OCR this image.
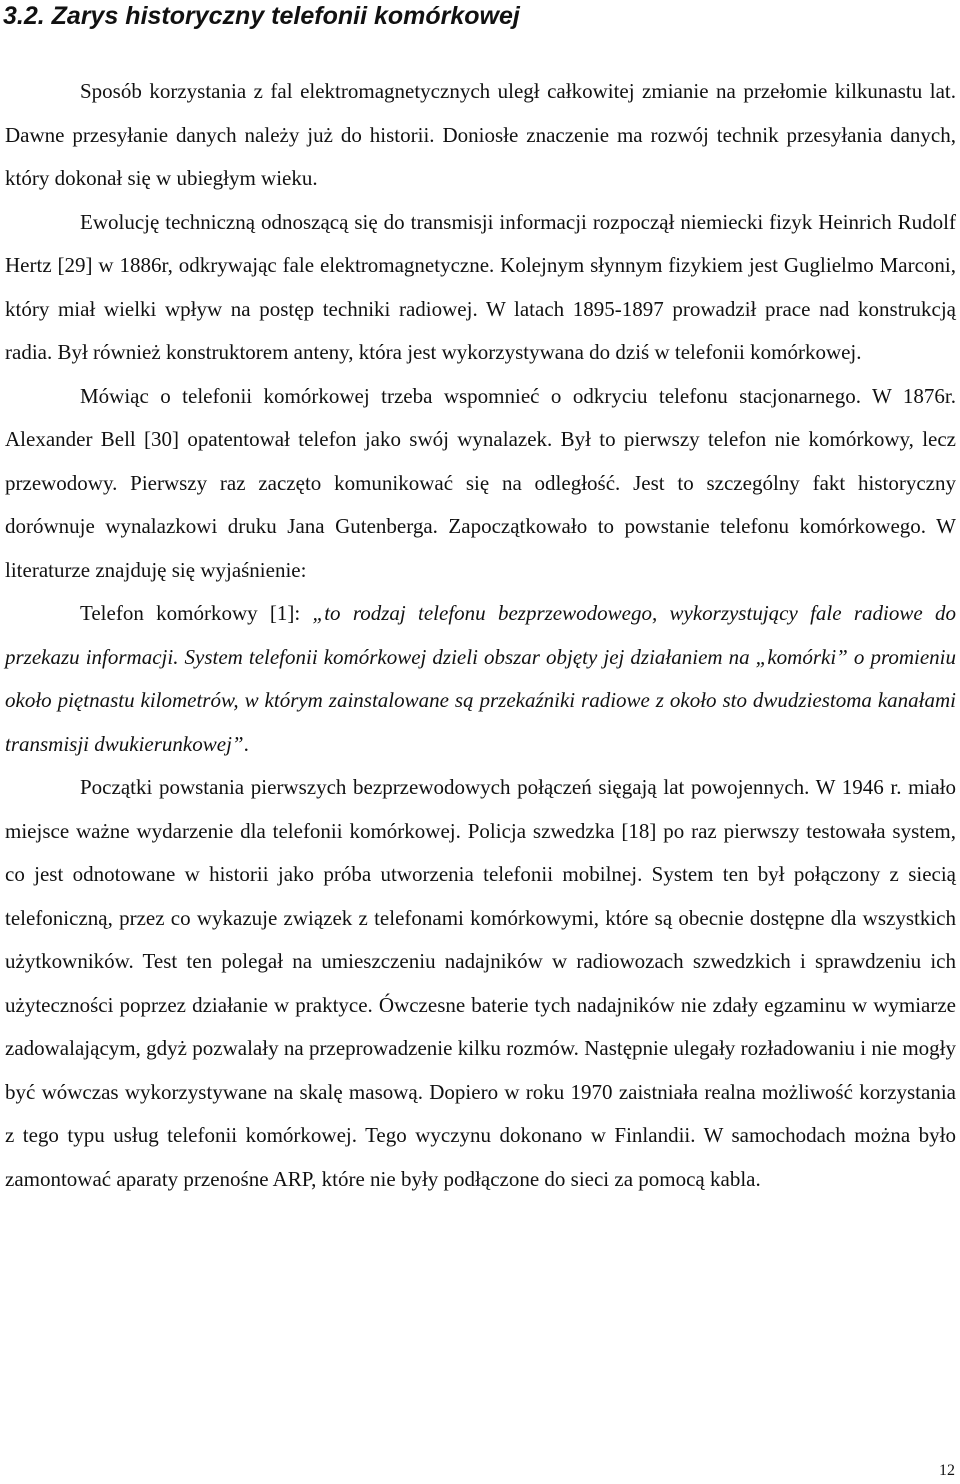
3.2. Zarys historyczny telefonii komórkowej

Sposób korzystania z fal elektromagnetycznych uległ całkowitej zmianie na przełomie kilkunastu lat. Dawne przesyłanie danych należy już do historii. Doniosłe znaczenie ma rozwój technik przesyłania danych, który dokonał się w ubiegłym wieku.

Ewolucję techniczną odnoszącą się do transmisji informacji rozpoczął niemiecki fizyk Heinrich Rudolf Hertz [29] w 1886r, odkrywając fale elektromagnetyczne. Kolejnym słynnym fizykiem jest Guglielmo Marconi, który miał wielki wpływ na postęp techniki radiowej. W latach 1895-1897 prowadził prace nad konstrukcją radia. Był również konstruktorem anteny, która jest wykorzystywana do dziś w telefonii komórkowej.

Mówiąc o telefonii komórkowej trzeba wspomnieć o odkryciu telefonu stacjonarnego. W 1876r. Alexander Bell [30] opatentował telefon jako swój wynalazek. Był to pierwszy telefon nie komórkowy, lecz przewodowy. Pierwszy raz zaczęto komunikować się na odległość. Jest to szczególny fakt historyczny dorównuje wynalazkowi druku Jana Gutenberga. Zapoczątkowało to powstanie telefonu komórkowego. W literaturze znajduję się wyjaśnienie:

Telefon komórkowy [1]: „to rodzaj telefonu bezprzewodowego, wykorzystujący fale radiowe do przekazu informacji. System telefonii komórkowej dzieli obszar objęty jej działaniem na „komórki” o promieniu około piętnastu kilometrów, w którym zainstalowane są przekaźniki radiowe z około sto dwudziestoma kanałami transmisji dwukierunkowej”.

Początki powstania pierwszych bezprzewodowych połączeń sięgają lat powojennych. W 1946 r. miało miejsce ważne wydarzenie dla telefonii komórkowej. Policja szwedzka [18] po raz pierwszy testowała system, co jest odnotowane w historii jako próba utworzenia telefonii mobilnej. System ten był połączony z siecią telefoniczną, przez co wykazuje związek z telefonami komórkowymi, które są obecnie dostępne dla wszystkich użytkowników. Test ten polegał na umieszczeniu nadajników w radiowozach szwedzkich i sprawdzeniu ich użyteczności poprzez działanie w praktyce. Ówczesne baterie tych nadajników nie zdały egzaminu w wymiarze zadowalającym, gdyż pozwalały na przeprowadzenie kilku rozmów. Następnie ulegały rozładowaniu i nie mogły być wówczas wykorzystywane na skalę masową. Dopiero w roku 1970 zaistniała realna możliwość korzystania z tego typu usług telefonii komórkowej. Tego wyczynu dokonano w Finlandii. W samochodach można było zamontować aparaty przenośne ARP, które nie były podłączone do sieci za pomocą kabla.

12
